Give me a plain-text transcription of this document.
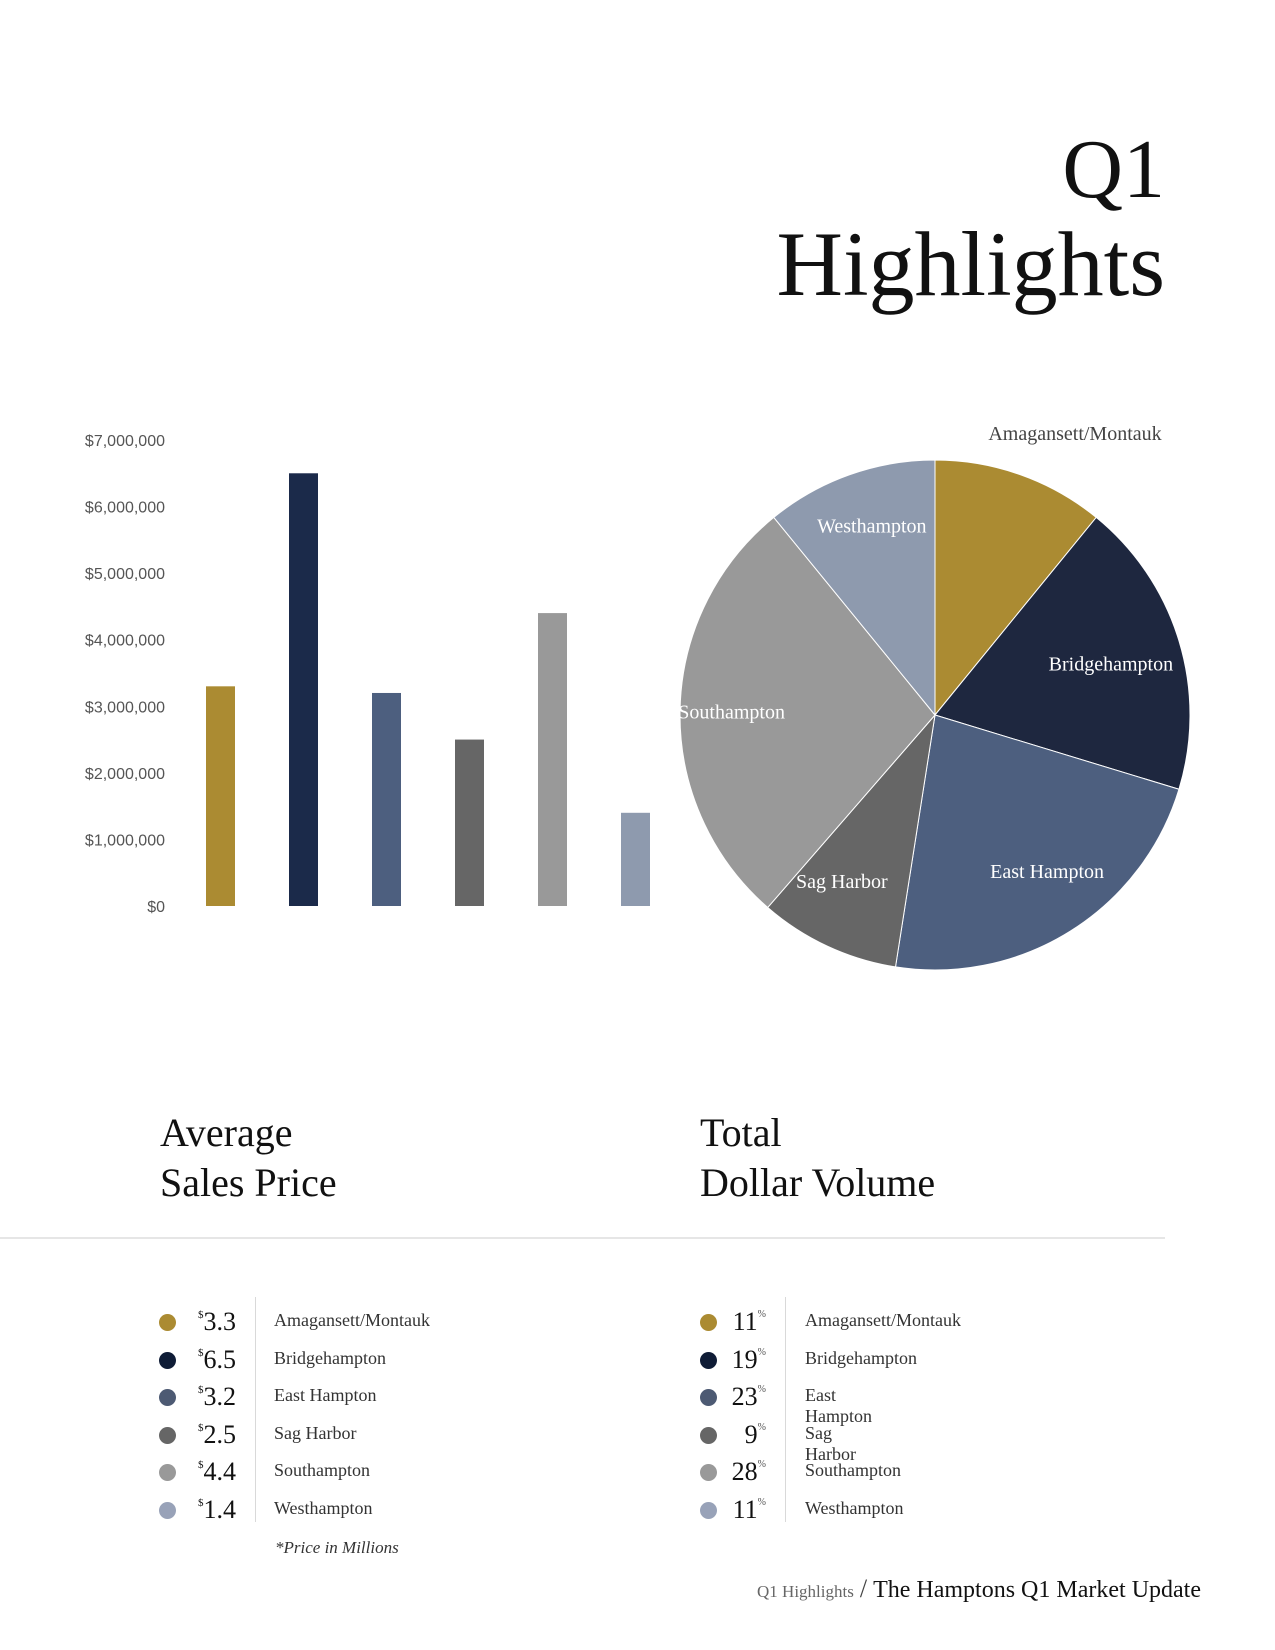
Q1
Highlights
$0
$1,000,000
$2,000,000
$3,000,000
$4,000,000
$5,000,000
$6,000,000
$7,000,000	Amagansett/Montauk
Bridgehampton
East Hampton
Sag Harbor
Southampton
Westhampton
Average
Sales Price
Total
Dollar Volume
$3.3 Amagansett/Montauk
$6.5 Bridgehampton
$3.2 East Hampton
$2.5 Sag Harbor
$4.4 Southampton
$1.4 Westhampton
11% Amagansett/Montauk
19% Bridgehampton
23% East Hampton
9% Sag Harbor
28% Southampton
11% Westhampton
*Price in Millions
Q1 Highlights / The Hamptons Q1 Market Update
